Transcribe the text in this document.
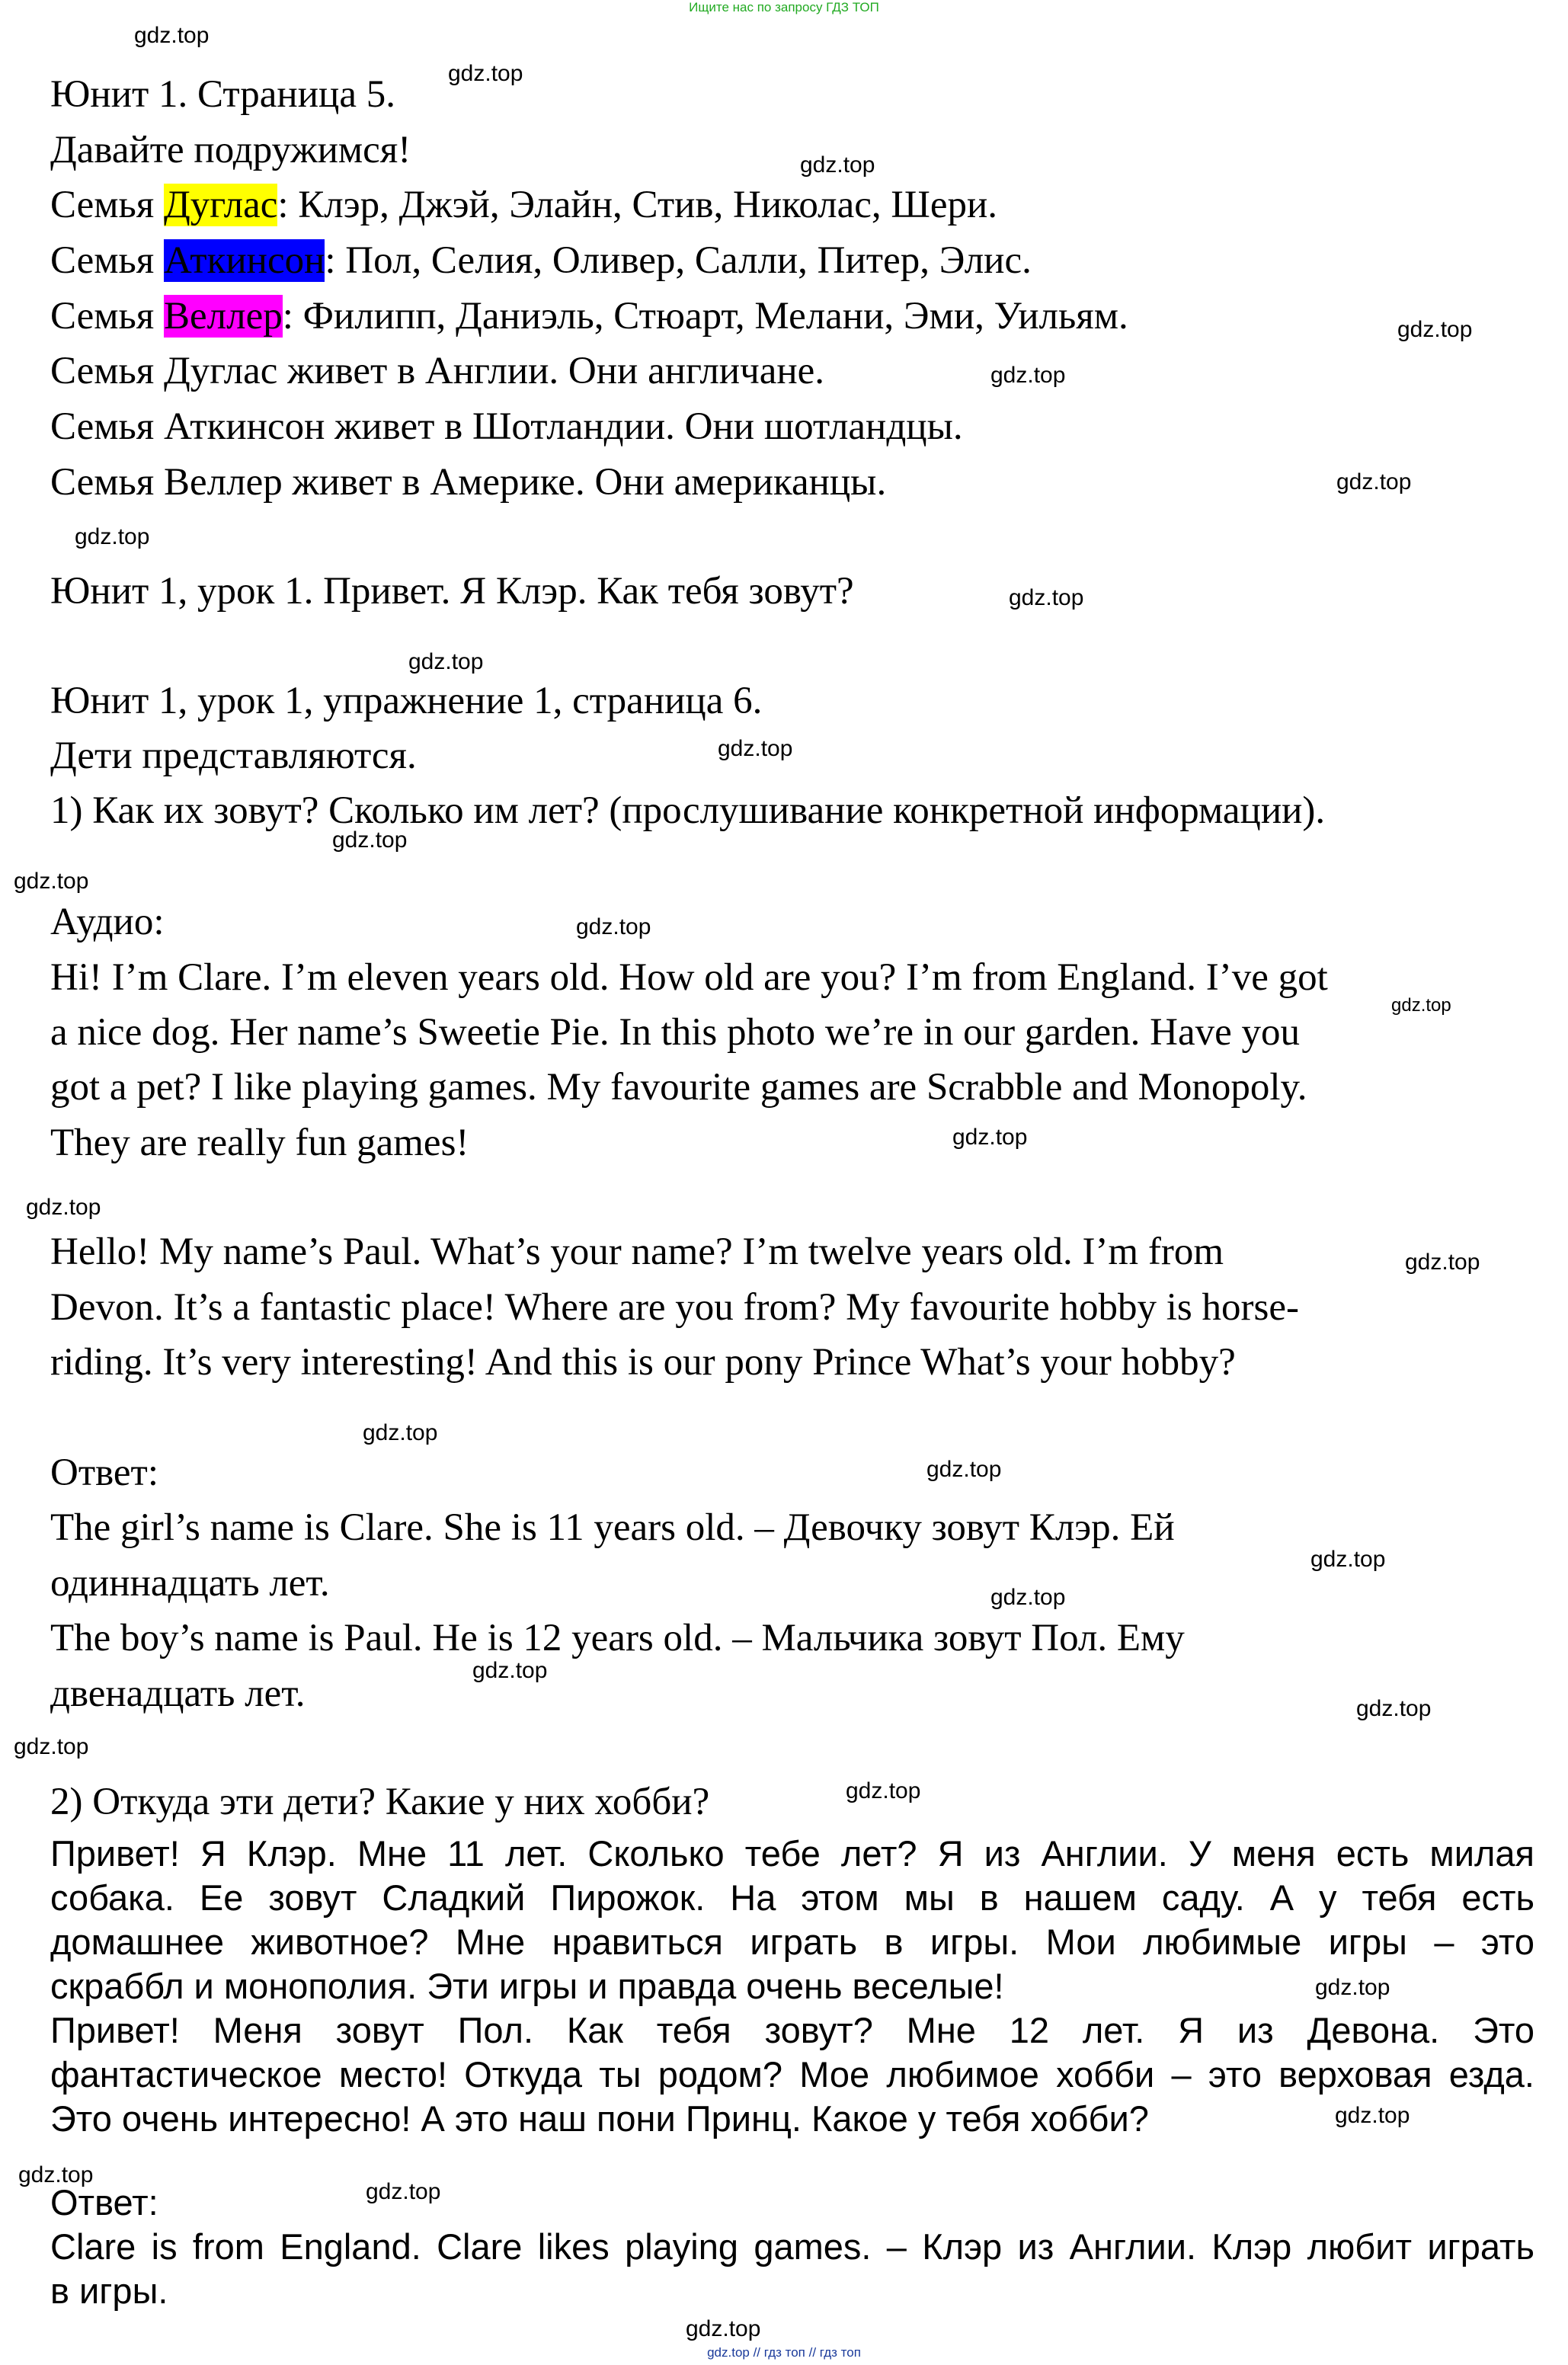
Ищите нас по запросу ГДЗ ТОП
Юнит 1. Страница 5.
Давайте подружимся!
Семья Дуглас: Клэр, Джэй, Элайн, Стив, Николас, Шери.
Семья Аткинсон: Пол, Селия, Оливер, Салли, Питер, Элис.
Семья Веллер: Филипп, Даниэль, Стюарт, Мелани, Эми, Уильям.
Семья Дуглас живет в Англии. Они англичане.
Семья Аткинсон живет в Шотландии. Они шотландцы.
Семья Веллер живет в Америке. Они американцы.
Юнит 1, урок 1. Привет. Я Клэр. Как тебя зовут?
Юнит 1, урок 1, упражнение 1, страница 6.
Дети представляются.
1) Как их зовут? Сколько им лет? (прослушивание конкретной информации).
Аудио:
Hi! I’m Clare. I’m eleven years old. How old are you? I’m from England. I’ve got
a nice dog. Her name’s Sweetie Pie. In this photo we’re in our garden. Have you
got a pet? I like playing games. My favourite games are Scrabble and Monopoly.
They are really fun games!
Hello! My name’s Paul. What’s your name? I’m twelve years old. I’m from
Devon. It’s a fantastic place! Where are you from? My favourite hobby is horse-
riding. It’s very interesting! And this is our pony Prince What’s your hobby?
Ответ:
The girl’s name is Clare. She is 11 years old. – Девочку зовут Клэр. Ей
одиннадцать лет.
The boy’s name is Paul. He is 12 years old. – Мальчика зовут Пол. Ему
двенадцать лет.
2) Откуда эти дети? Какие у них хобби?
Привет! Я Клэр. Мне 11 лет. Сколько тебе лет? Я из Англии. У меня есть милая
собака. Ее зовут Сладкий Пирожок. На этом мы в нашем саду. А у тебя есть
домашнее животное? Мне нравиться играть в игры. Мои любимые игры – это
скраббл и монополия. Эти игры и правда очень веселые!
Привет! Меня зовут Пол. Как тебя зовут? Мне 12 лет. Я из Девона. Это
фантастическое место! Откуда ты родом? Мое любимое хобби – это верховая езда.
Это очень интересно! А это наш пони Принц. Какое у тебя хобби?
Ответ:
Clare is from England. Clare likes playing games. – Клэр из Англии. Клэр любит играть
в игры.
gdz.top
gdz.top
gdz.top
gdz.top
gdz.top
gdz.top
gdz.top
gdz.top
gdz.top
gdz.top
gdz.top
gdz.top
gdz.top
gdz.top
gdz.top
gdz.top
gdz.top
gdz.top
gdz.top
gdz.top
gdz.top
gdz.top
gdz.top
gdz.top
gdz.top
gdz.top
gdz.top
gdz.top
gdz.top
gdz.top
gdz.top // гдз топ // гдз топ
